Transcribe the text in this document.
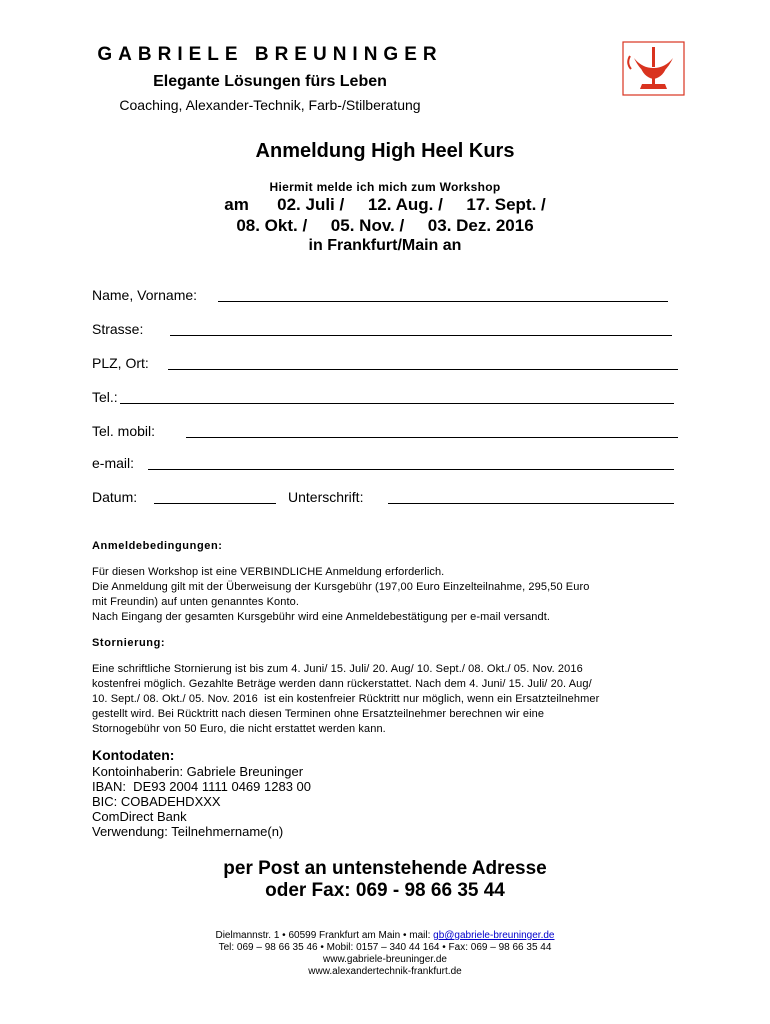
GABRIELE BREUNINGER
Elegante Lösungen fürs Leben
Coaching, Alexander-Technik, Farb-/Stilberatung
Anmeldung High Heel Kurs
Hiermit melde ich mich zum Workshop
am      02. Juli /     12. Aug. /     17. Sept. /
08. Okt. /     05. Nov. /     03. Dez. 2016
in Frankfurt/Main an
Name, Vorname:
Strasse:
PLZ, Ort:
Tel.:
Tel. mobil:
e-mail:
Datum:	Unterschrift:
Anmeldebedingungen:

Für diesen Workshop ist eine VERBINDLICHE Anmeldung erforderlich.

Die Anmeldung gilt mit der Überweisung der Kursgebühr (197,00 Euro Einzelteilnahme, 295,50 Euro

mit Freundin) auf unten genanntes Konto.

Nach Eingang der gesamten Kursgebühr wird eine Anmeldebestätigung per e-mail versandt.

Stornierung:

Eine schriftliche Stornierung ist bis zum 4. Juni/ 15. Juli/ 20. Aug/ 10. Sept./ 08. Okt./ 05. Nov. 2016

kostenfrei möglich. Gezahlte Beträge werden dann rückerstattet. Nach dem 4. Juni/ 15. Juli/ 20. Aug/

10. Sept./ 08. Okt./ 05. Nov. 2016  ist ein kostenfreier Rücktritt nur möglich, wenn ein Ersatzteilnehmer

gestellt wird. Bei Rücktritt nach diesen Terminen ohne Ersatzteilnehmer berechnen wir eine

Stornogebühr von 50 Euro, die nicht erstattet werden kann.

Kontodaten:
Kontoinhaberin: Gabriele Breuninger
IBAN:  DE93 2004 1111 0469 1283 00
BIC: COBADEHDXXX
ComDirect Bank
Verwendung: Teilnehmername(n)
per Post an untenstehende Adresse
oder Fax: 069 - 98 66 35 44
Dielmannstr. 1 • 60599 Frankfurt am Main • mail: gb@gabriele-breuninger.de
Tel: 069 – 98 66 35 46 • Mobil: 0157 – 340 44 164 • Fax: 069 – 98 66 35 44
www.gabriele-breuninger.de
www.alexandertechnik-frankfurt.de
